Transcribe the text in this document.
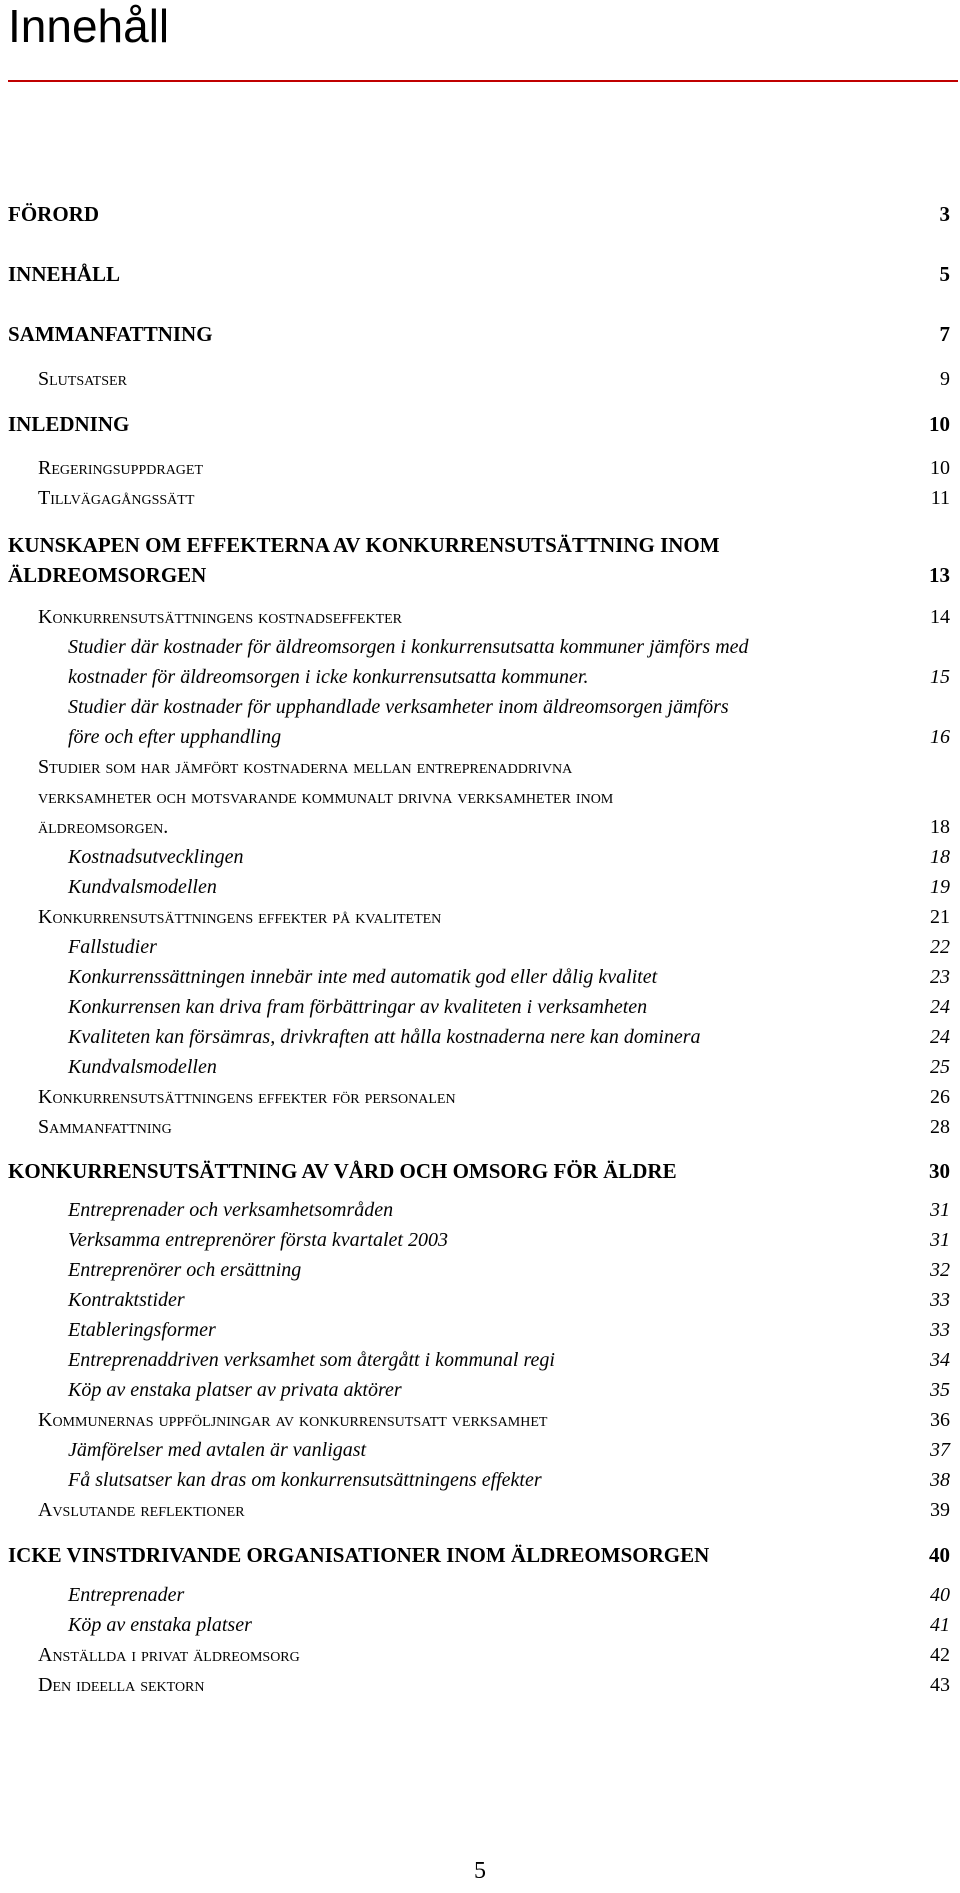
Innehåll
FÖRORD	3
INNEHÅLL	5
SAMMANFATTNING	7
Slutsatser	9
INLEDNING	10
Regeringsuppdraget	10
Tillvägagångssätt	11
KUNSKAPEN OM EFFEKTERNA AV KONKURRENSUTSÄTTNING INOM
ÄLDREOMSORGEN	13
Konkurrensutsättningens kostnadseffekter	14
Studier där kostnader för äldreomsorgen i konkurrensutsatta kommuner jämförs med
kostnader för äldreomsorgen i icke konkurrensutsatta kommuner.	15
Studier där kostnader för upphandlade verksamheter inom äldreomsorgen jämförs
före och efter upphandling	16
Studier som har jämfört kostnaderna mellan entreprenaddrivna
verksamheter och motsvarande kommunalt drivna verksamheter inom
äldreomsorgen.	18
Kostnadsutvecklingen	18
Kundvalsmodellen	19
Konkurrensutsättningens effekter på kvaliteten	21
Fallstudier	22
Konkurrenssättningen innebär inte med automatik god eller dålig kvalitet	23
Konkurrensen kan driva fram förbättringar av kvaliteten i verksamheten	24
Kvaliteten kan försämras, drivkraften att hålla kostnaderna nere kan dominera	24
Kundvalsmodellen	25
Konkurrensutsättningens effekter för personalen	26
Sammanfattning	28
KONKURRENSUTSÄTTNING AV VÅRD OCH OMSORG FÖR ÄLDRE	30
Entreprenader och verksamhetsområden	31
Verksamma entreprenörer första kvartalet 2003	31
Entreprenörer och ersättning	32
Kontraktstider	33
Etableringsformer	33
Entreprenaddriven verksamhet som återgått i kommunal regi	34
Köp av enstaka platser av privata aktörer	35
Kommunernas uppföljningar av konkurrensutsatt verksamhet	36
Jämförelser med avtalen är vanligast	37
Få slutsatser kan dras om konkurrensutsättningens effekter	38
Avslutande reflektioner	39
ICKE VINSTDRIVANDE ORGANISATIONER INOM ÄLDREOMSORGEN	40
Entreprenader	40
Köp av enstaka platser	41
Anställda i privat äldreomsorg	42
Den ideella sektorn	43
5
